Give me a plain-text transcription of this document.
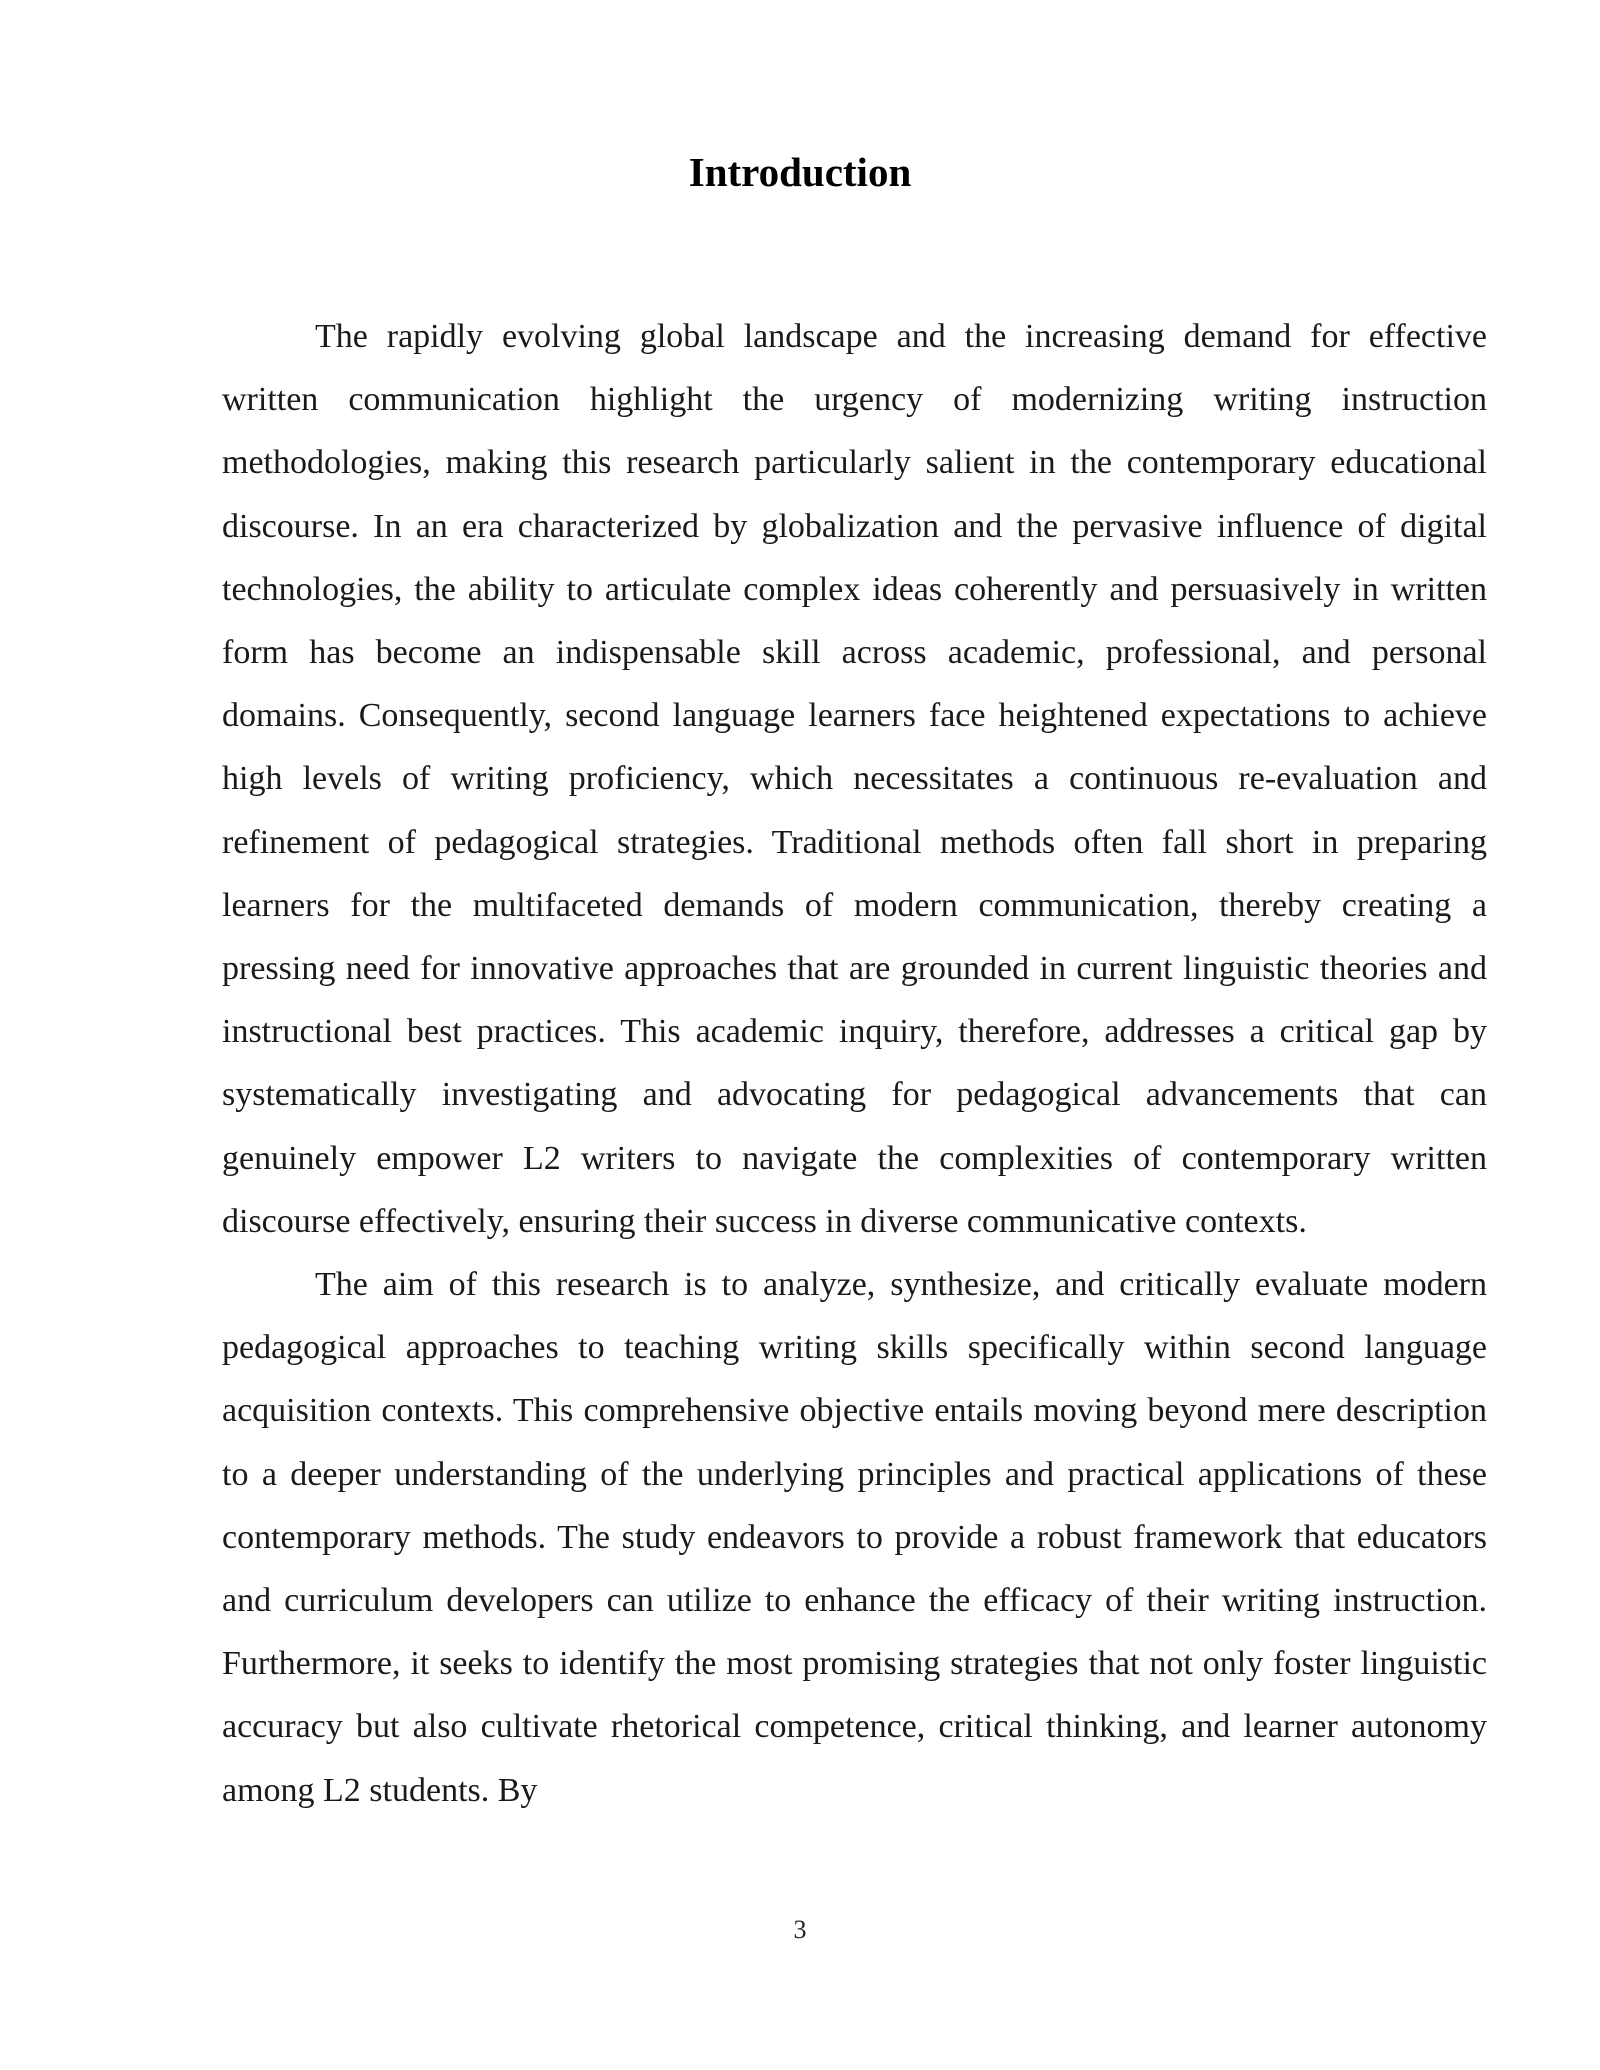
Introduction

The rapidly evolving global landscape and the increasing demand for effective written communication highlight the urgency of modernizing writing instruction methodologies, making this research particularly salient in the contemporary educational discourse. In an era characterized by globalization and the pervasive influence of digital technologies, the ability to articulate complex ideas coherently and persuasively in written form has become an indispensable skill across academic, professional, and personal domains. Consequently, second language learners face heightened expectations to achieve high levels of writing proficiency, which necessitates a continuous re-evaluation and refinement of pedagogical strategies. Traditional methods often fall short in preparing learners for the multifaceted demands of modern communication, thereby creating a pressing need for innovative approaches that are grounded in current linguistic theories and instructional best practices. This academic inquiry, therefore, addresses a critical gap by systematically investigating and advocating for pedagogical advancements that can genuinely empower L2 writers to navigate the complexities of contemporary written discourse effectively, ensuring their success in diverse communicative contexts.

The aim of this research is to analyze, synthesize, and critically evaluate modern pedagogical approaches to teaching writing skills specifically within second language acquisition contexts. This comprehensive objective entails moving beyond mere description to a deeper understanding of the underlying principles and practical applications of these contemporary methods. The study endeavors to provide a robust framework that educators and curriculum developers can utilize to enhance the efficacy of their writing instruction. Furthermore, it seeks to identify the most promising strategies that not only foster linguistic accuracy but also cultivate rhetorical competence, critical thinking, and learner autonomy among L2 students. By

3
